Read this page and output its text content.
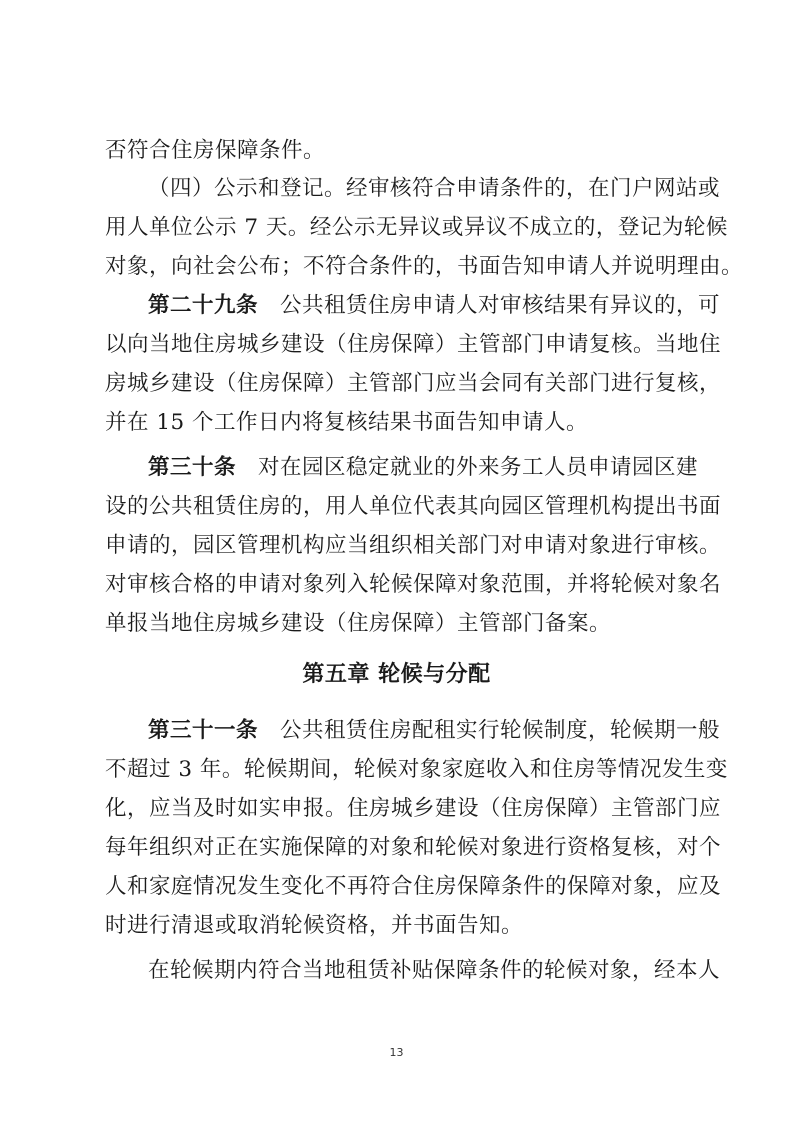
否符合住房保障条件。
（四）公示和登记。经审核符合申请条件的，在门户网站或
用人单位公示 7 天。经公示无异议或异议不成立的，登记为轮候
对象，向社会公布；不符合条件的，书面告知申请人并说明理由。
第二十九条 公共租赁住房申请人对审核结果有异议的，可
以向当地住房城乡建设（住房保障）主管部门申请复核。当地住
房城乡建设（住房保障）主管部门应当会同有关部门进行复核，
并在 15 个工作日内将复核结果书面告知申请人。
第三十条 对在园区稳定就业的外来务工人员申请园区建
设的公共租赁住房的，用人单位代表其向园区管理机构提出书面
申请的，园区管理机构应当组织相关部门对申请对象进行审核。
对审核合格的申请对象列入轮候保障对象范围，并将轮候对象名
单报当地住房城乡建设（住房保障）主管部门备案。
第五章 轮候与分配
第三十一条 公共租赁住房配租实行轮候制度，轮候期一般
不超过 3 年。轮候期间，轮候对象家庭收入和住房等情况发生变
化，应当及时如实申报。住房城乡建设（住房保障）主管部门应
每年组织对正在实施保障的对象和轮候对象进行资格复核，对个
人和家庭情况发生变化不再符合住房保障条件的保障对象，应及
时进行清退或取消轮候资格，并书面告知。
在轮候期内符合当地租赁补贴保障条件的轮候对象，经本人
13
